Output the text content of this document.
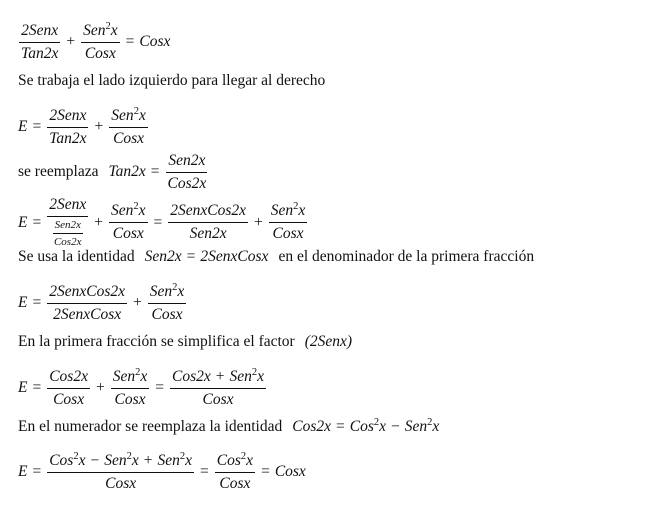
$\frac{\text{2Senx}}{\text{Tan2x}} + \frac{Sen^2x}{\text{Cosx}}$ = Cosx
Se trabaja el lado izquierdo para llegar al derecho
$E = \frac{\text{2Senx}}{\text{Tan2x}} + \frac{Sen^2x}{\text{Cosx}}$
se reemplaza $Tan2x = \frac{\text{Sen2x}}{\text{Cos2x}}$
$E = \frac{\text{2Senx}}{\frac{\text{Sen2x}}{\text{Cos2x}}} + \frac{Sen^2x}{\text{Cosx}} = \frac{\text{2SenxCos2x}}{\text{Sen2x}} + \frac{Sen^2x}{\text{Cosx}}$
Se usa la identidad Sen2x = 2SenxCosx en el denominador de la primera fracción
$E = \frac{\text{2SenxCos2x}}{\text{2SenxCosx}} + \frac{Sen^2x}{\text{Cosx}}$
En la primera fracción se simplifica el factor (2Senx)
$E = \frac{\text{Cos2x}}{\text{Cosx}} + \frac{Sen^2x}{\text{Cosx}} = \frac{Cos2x + Sen^2x}{\text{Cosx}}$
En el numerador se reemplaza la identidad Cos2x = Cos$^2$x − Sen$^2$x
$E = \frac{Cos^2x - Sen^2x + Sen^2x}{\text{Cosx}} = \frac{Cos^2x}{\text{Cosx}}$ = Cosx
